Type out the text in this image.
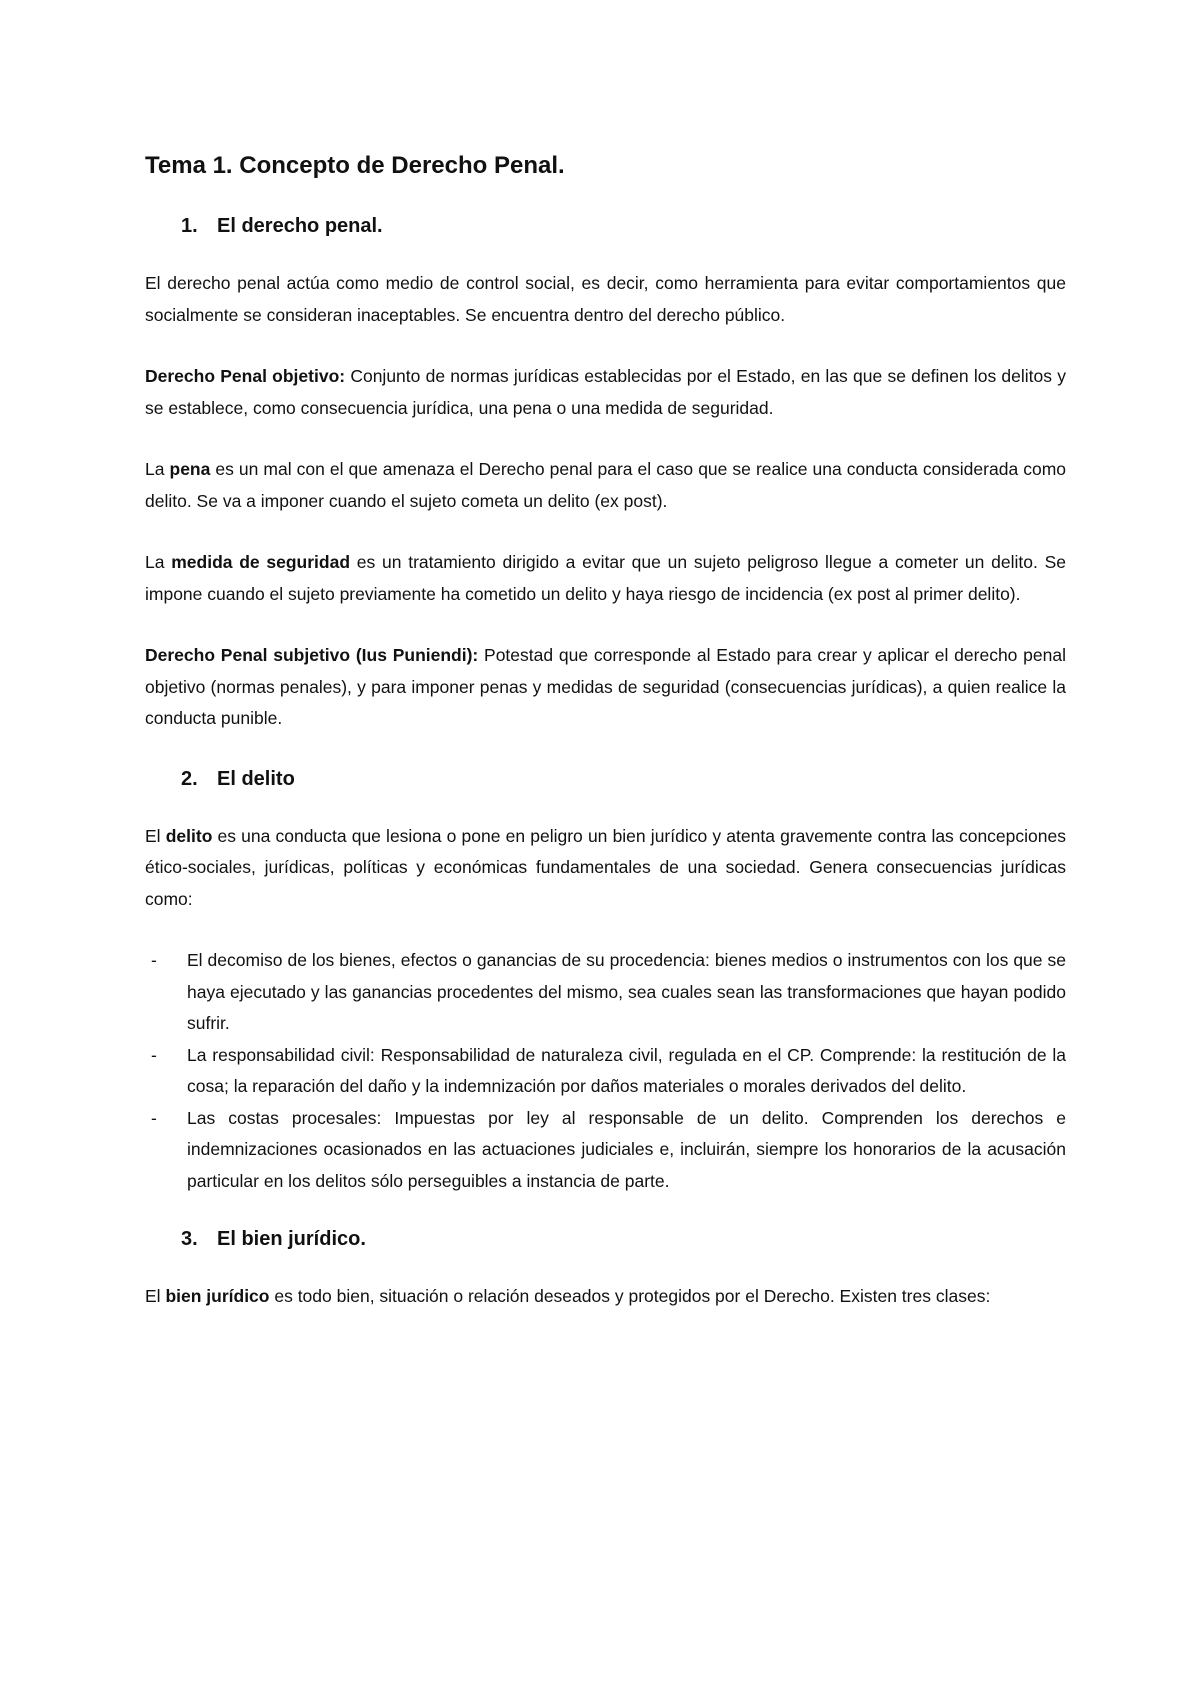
Tema 1. Concepto de Derecho Penal.
1. El derecho penal.

El derecho penal actúa como medio de control social, es decir, como herramienta para evitar comportamientos que socialmente se consideran inaceptables. Se encuentra dentro del derecho público.

Derecho Penal objetivo: Conjunto de normas jurídicas establecidas por el Estado, en las que se definen los delitos y se establece, como consecuencia jurídica, una pena o una medida de seguridad.

La pena es un mal con el que amenaza el Derecho penal para el caso que se realice una conducta considerada como delito. Se va a imponer cuando el sujeto cometa un delito (ex post).

La medida de seguridad es un tratamiento dirigido a evitar que un sujeto peligroso llegue a cometer un delito. Se impone cuando el sujeto previamente ha cometido un delito y haya riesgo de incidencia (ex post al primer delito).

Derecho Penal subjetivo (Ius Puniendi): Potestad que corresponde al Estado para crear y aplicar el derecho penal objetivo (normas penales), y para imponer penas y medidas de seguridad (consecuencias jurídicas), a quien realice la conducta punible.

2. El delito

El delito es una conducta que lesiona o pone en peligro un bien jurídico y atenta gravemente contra las concepciones ético-sociales, jurídicas, políticas y económicas fundamentales de una sociedad. Genera consecuencias jurídicas como:

- El decomiso de los bienes, efectos o ganancias de su procedencia: bienes medios o instrumentos con los que se haya ejecutado y las ganancias procedentes del mismo, sea cuales sean las transformaciones que hayan podido sufrir.
- La responsabilidad civil: Responsabilidad de naturaleza civil, regulada en el CP. Comprende: la restitución de la cosa; la reparación del daño y la indemnización por daños materiales o morales derivados del delito.
- Las costas procesales: Impuestas por ley al responsable de un delito. Comprenden los derechos e indemnizaciones ocasionados en las actuaciones judiciales e, incluirán, siempre los honorarios de la acusación particular en los delitos sólo perseguibles a instancia de parte.
3. El bien jurídico.

El bien jurídico es todo bien, situación o relación deseados y protegidos por el Derecho. Existen tres clases:
